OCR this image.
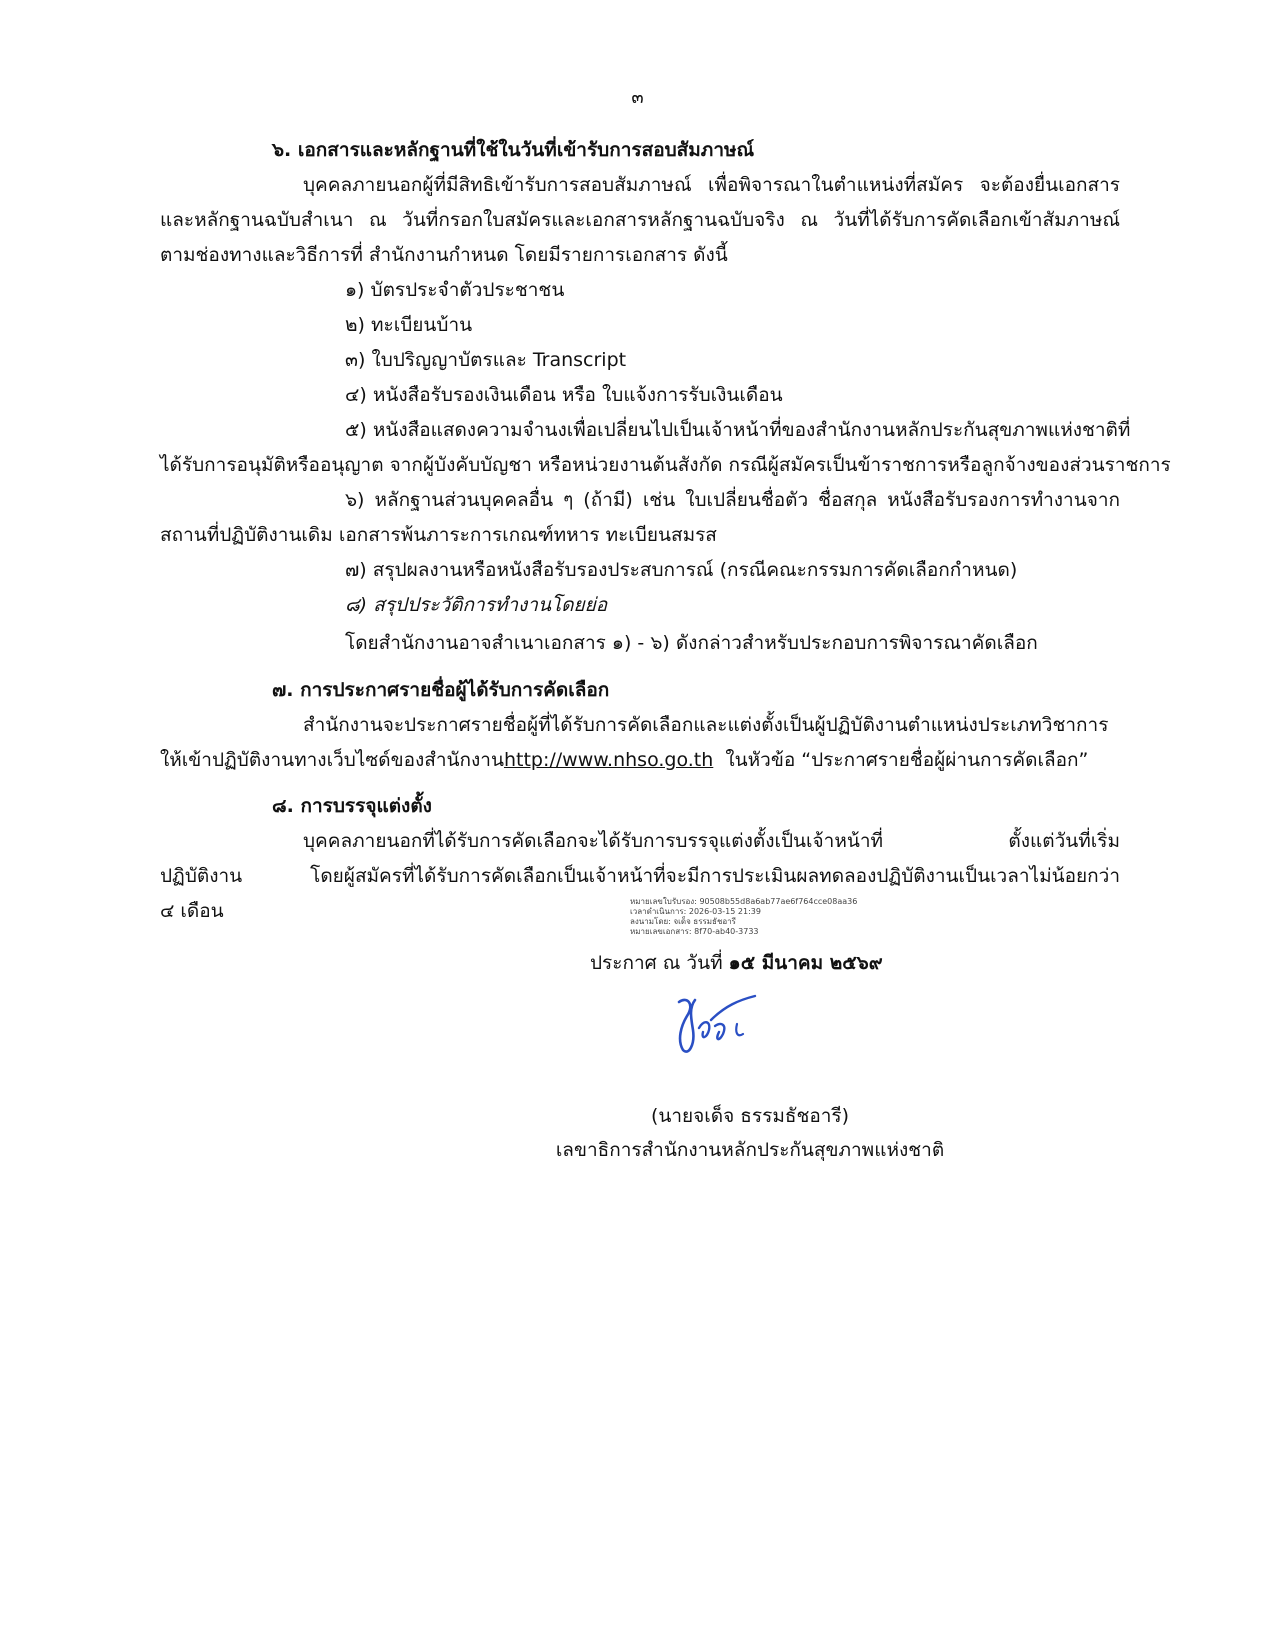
๓
๖. เอกสารและหลักฐานที่ใช้ในวันที่เข้ารับการสอบสัมภาษณ์
บุคคลภายนอกผู้ที่มีสิทธิเข้ารับการสอบสัมภาษณ์ เพื่อพิจารณาในตำแหน่งที่สมัคร จะต้องยื่นเอกสาร
และหลักฐานฉบับสำเนา ณ วันที่กรอกใบสมัครและเอกสารหลักฐานฉบับจริง ณ วันที่ได้รับการคัดเลือกเข้าสัมภาษณ์
ตามช่องทางและวิธีการที่ สำนักงานกำหนด โดยมีรายการเอกสาร ดังนี้
๑) บัตรประจำตัวประชาชน
๒) ทะเบียนบ้าน
๓) ใบปริญญาบัตรและ Transcript
๔) หนังสือรับรองเงินเดือน หรือ ใบแจ้งการรับเงินเดือน
๕) หนังสือแสดงความจำนงเพื่อเปลี่ยนไปเป็นเจ้าหน้าที่ของสำนักงานหลักประกันสุขภาพแห่งชาติที่
ได้รับการอนุมัติหรืออนุญาต จากผู้บังคับบัญชา หรือหน่วยงานต้นสังกัด กรณีผู้สมัครเป็นข้าราชการหรือลูกจ้างของส่วนราชการ
๖) หลักฐานส่วนบุคคลอื่น ๆ (ถ้ามี) เช่น ใบเปลี่ยนชื่อตัว ชื่อสกุล หนังสือรับรองการทำงานจาก
สถานที่ปฏิบัติงานเดิม เอกสารพ้นภาระการเกณฑ์ทหาร ทะเบียนสมรส
๗) สรุปผลงานหรือหนังสือรับรองประสบการณ์ (กรณีคณะกรรมการคัดเลือกกำหนด)
๘) สรุปประวัติการทำงานโดยย่อ
โดยสำนักงานอาจสำเนาเอกสาร ๑) - ๖) ดังกล่าวสำหรับประกอบการพิจารณาคัดเลือก
๗. การประกาศรายชื่อผู้ได้รับการคัดเลือก
สำนักงานจะประกาศรายชื่อผู้ที่ได้รับการคัดเลือกและแต่งตั้งเป็นผู้ปฏิบัติงานตำแหน่งประเภทวิชาการ
ให้เข้าปฏิบัติงานทางเว็บไซด์ของสำนักงานhttp://www.nhso.go.th  ในหัวข้อ “ประกาศรายชื่อผู้ผ่านการคัดเลือก”
๘. การบรรจุแต่งตั้ง
บุคคลภายนอกที่ได้รับการคัดเลือกจะได้รับการบรรจุแต่งตั้งเป็นเจ้าหน้าที่ ตั้งแต่วันที่เริ่ม
ปฏิบัติงาน โดยผู้สมัครที่ได้รับการคัดเลือกเป็นเจ้าหน้าที่จะมีการประเมินผลทดลองปฏิบัติงานเป็นเวลาไม่น้อยกว่า
๔ เดือน	หมายเลขใบรับรอง: 90508b55d8a6ab77ae6f764cce08aa36
เวลาดำเนินการ: 2026-03-15 21:39
ลงนามโดย: จเด็จ ธรรมธัชอารี
หมายเลขเอกสาร: 8f70-ab40-3733
ประกาศ ณ วันที่ ๑๕ มีนาคม ๒๕๖๙
(นายจเด็จ ธรรมธัชอารี)
เลขาธิการสำนักงานหลักประกันสุขภาพแห่งชาติ
